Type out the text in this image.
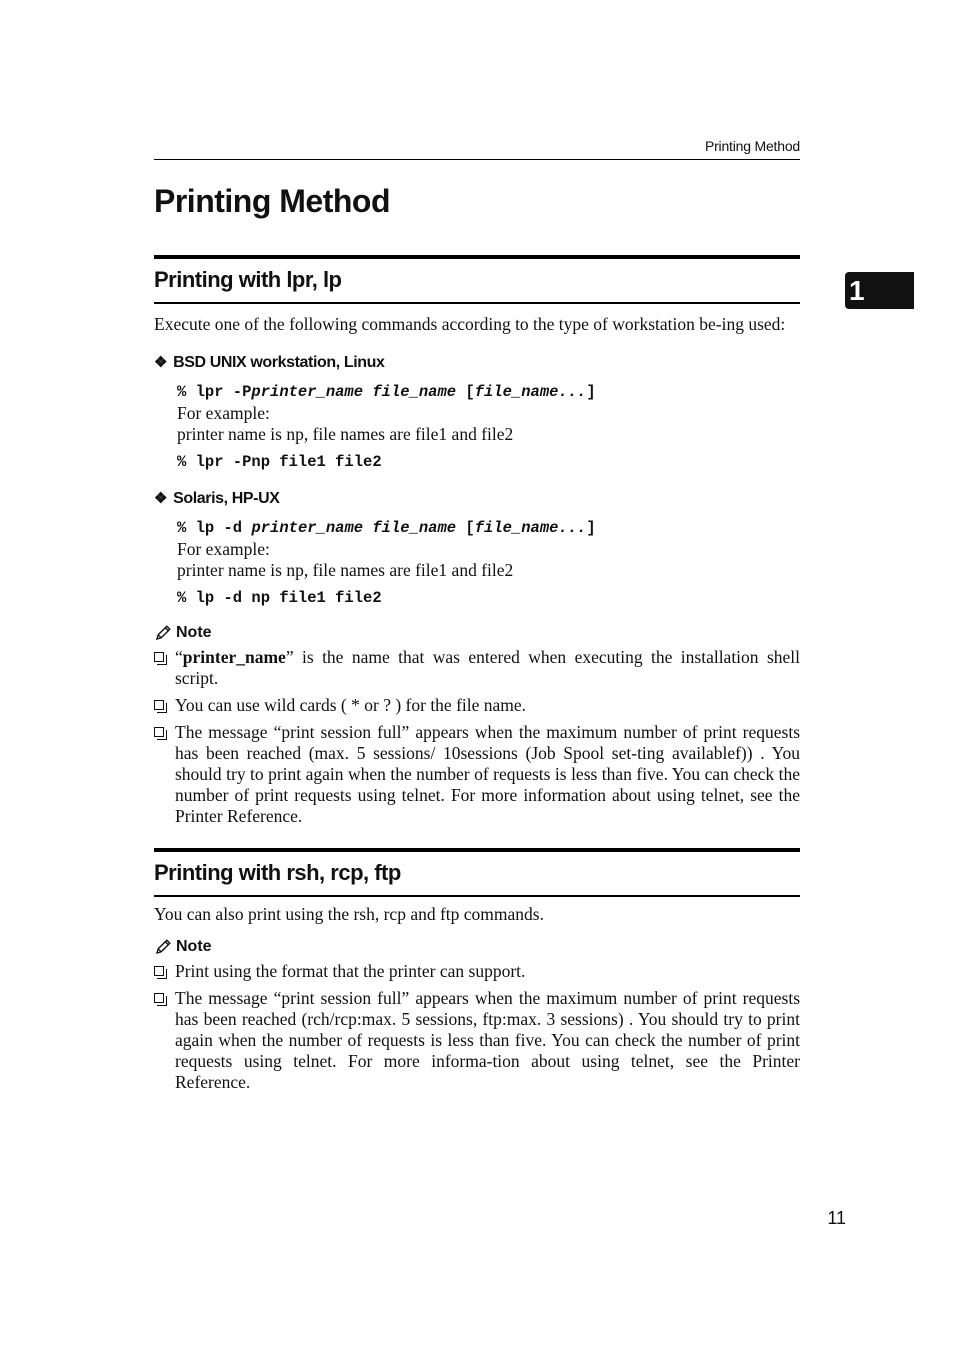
Printing Method
1
Printing Method
Printing with lpr, lp

Execute one of the following commands according to the type of workstation be-ing used:

❖ BSD UNIX workstation, Linux
% lpr -Pprinter_name file_name [file_name...]

For example:

printer name is np, file names are file1 and file2

% lpr -Pnp file1 file2
❖ Solaris, HP-UX
% lp -d printer_name file_name [file_name...]

For example:

printer name is np, file names are file1 and file2

% lp -d np file1 file2
Note

“printer_name” is the name that was entered when executing the installation shell script.

You can use wild cards ( * or ? ) for the file name.

The message “print session full” appears when the maximum number of print requests has been reached (max. 5 sessions/ 10sessions (Job Spool set-ting availablef)) . You should try to print again when the number of requests is less than five. You can check the number of print requests using telnet. For more information about using telnet, see the Printer Reference.

Printing with rsh, rcp, ftp

You can also print using the rsh, rcp and ftp commands.

Note

Print using the format that the printer can support.

The message “print session full” appears when the maximum number of print requests has been reached (rch/rcp:max. 5 sessions, ftp:max. 3 sessions) . You should try to print again when the number of requests is less than five. You can check the number of print requests using telnet. For more informa-tion about using telnet, see the Printer Reference.

11
